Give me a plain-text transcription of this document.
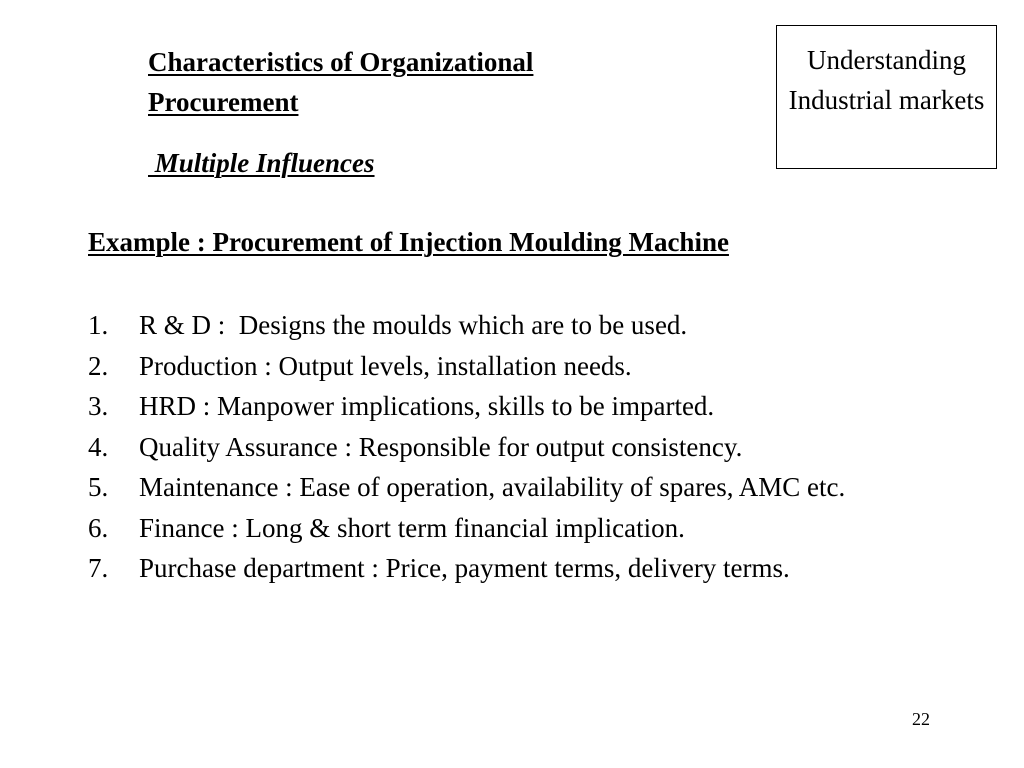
Characteristics of Organizational Procurement
Multiple Influences
Understanding Industrial markets
Example : Procurement of Injection Moulding Machine
1.	R & D :  Designs the moulds which are to be used.
2.	Production : Output levels, installation needs.
3.	HRD : Manpower implications, skills to be imparted.
4.	Quality Assurance : Responsible for output consistency.
5.	Maintenance : Ease of operation, availability of spares, AMC etc.
6.	Finance : Long & short term financial implication.
7.	Purchase department : Price, payment terms, delivery terms.
22
